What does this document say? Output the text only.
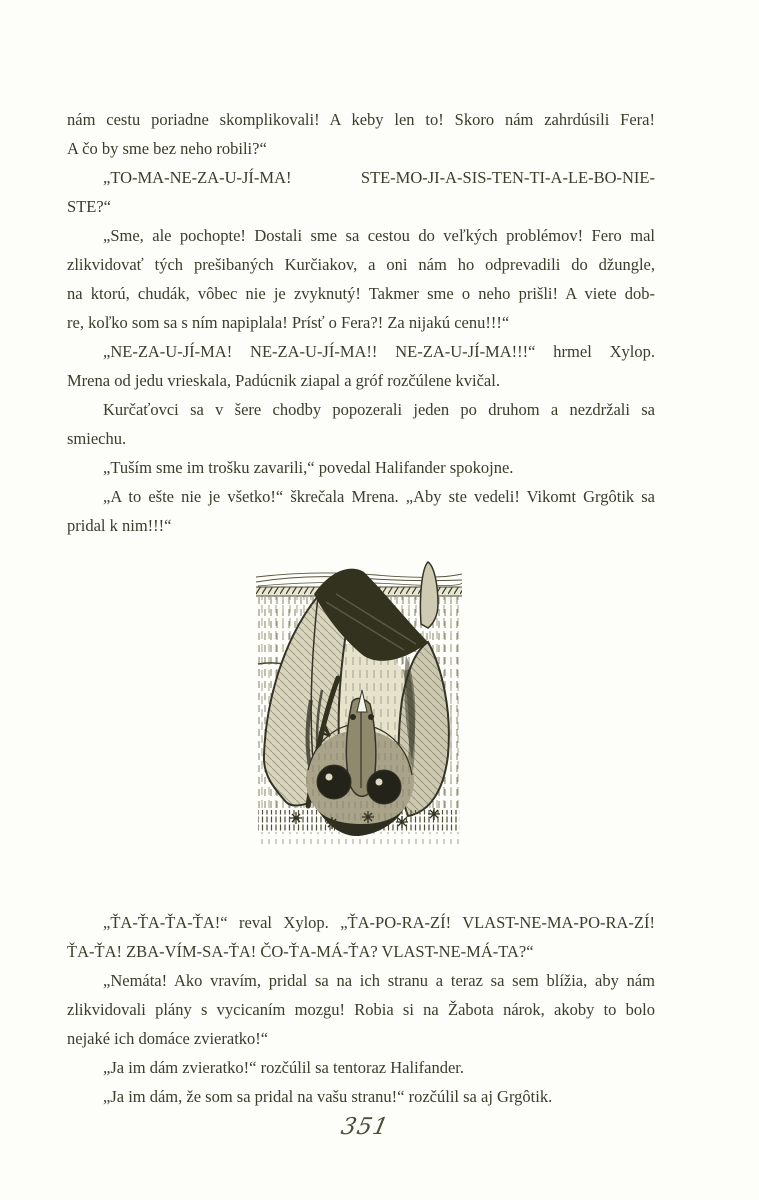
nám cestu poriadne skomplikovali! A keby len to! Skoro nám zahrdúsili Fera!
A čo by sme bez neho robili?“
„TO-MA-NE-ZA-U-JÍ-MA! STE-MO-JI-A-SIS-TEN-TI-A-LE-BO-NIE-
STE?“
„Sme, ale pochopte! Dostali sme sa cestou do veľkých problémov! Fero mal
zlikvidovať tých prešibaných Kurčiakov, a oni nám ho odprevadili do džungle,
na ktorú, chudák, vôbec nie je zvyknutý! Takmer sme o neho prišli! A viete dob-
re, koľko som sa s ním napiplala! Prísť o Fera?! Za nijakú cenu!!!“
„NE-ZA-U-JÍ-MA! NE-ZA-U-JÍ-MA!! NE-ZA-U-JÍ-MA!!!“ hrmel Xylop.
Mrena od jedu vrieskala, Padúcnik ziapal a gróf rozčúlene kvičal.
Kurčaťovci sa v šere chodby popozerali jeden po druhom a nezdržali sa
smiechu.
„Tuším sme im trošku zavarili,“ povedal Halifander spokojne.
„A to ešte nie je všetko!“ škrečala Mrena. „Aby ste vedeli! Vikomt Grgôtik sa
pridal k nim!!!“
„ŤA-ŤA-ŤA-ŤA!“ reval Xylop. „ŤA-PO-RA-ZÍ! VLAST-NE-MA-PO-RA-ZÍ!
ŤA-ŤA! ZBA-VÍM-SA-ŤA! ČO-ŤA-MÁ-ŤA? VLAST-NE-MÁ-TA?“
„Nemáta! Ako vravím, pridal sa na ich stranu a teraz sa sem blížia, aby nám
zlikvidovali plány s vycicaním mozgu! Robia si na Žabota nárok, akoby to bolo
nejaké ich domáce zvieratko!“
„Ja im dám zvieratko!“ rozčúlil sa tentoraz Halifander.
„Ja im dám, že som sa pridal na vašu stranu!“ rozčúlil sa aj Grgôtik.
351
